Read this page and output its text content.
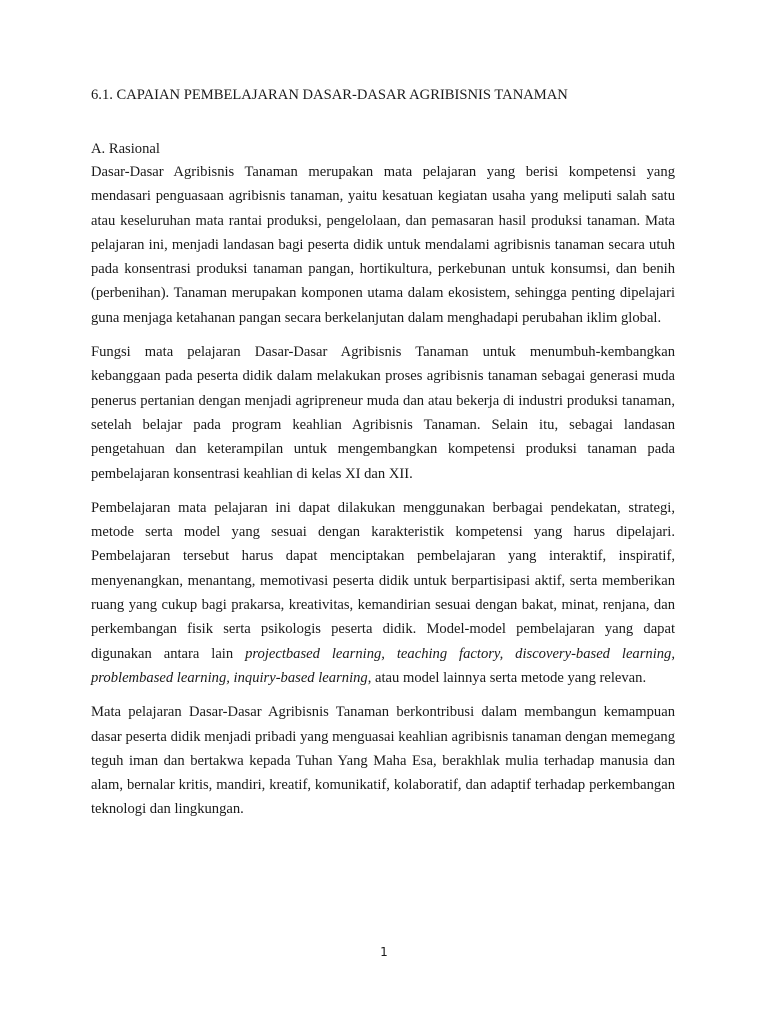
6.1. CAPAIAN PEMBELAJARAN DASAR-DASAR AGRIBISNIS TANAMAN
A. Rasional

Dasar-Dasar Agribisnis Tanaman merupakan mata pelajaran yang berisi kompetensi yang mendasari penguasaan agribisnis tanaman, yaitu kesatuan kegiatan usaha yang meliputi salah satu atau keseluruhan mata rantai produksi, pengelolaan, dan pemasaran hasil produksi tanaman. Mata pelajaran ini, menjadi landasan bagi peserta didik untuk mendalami agribisnis tanaman secara utuh pada konsentrasi produksi tanaman pangan, hortikultura, perkebunan untuk konsumsi, dan benih (perbenihan). Tanaman merupakan komponen utama dalam ekosistem, sehingga penting dipelajari guna menjaga ketahanan pangan secara berkelanjutan dalam menghadapi perubahan iklim global.

Fungsi mata pelajaran Dasar-Dasar Agribisnis Tanaman untuk menumbuh-kembangkan kebanggaan pada peserta didik dalam melakukan proses agribisnis tanaman sebagai generasi muda penerus pertanian dengan menjadi agripreneur muda dan atau bekerja di industri produksi tanaman, setelah belajar pada program keahlian Agribisnis Tanaman. Selain itu, sebagai landasan pengetahuan dan keterampilan untuk mengembangkan kompetensi produksi tanaman pada pembelajaran konsentrasi keahlian di kelas XI dan XII.

Pembelajaran mata pelajaran ini dapat dilakukan menggunakan berbagai pendekatan, strategi, metode serta model yang sesuai dengan karakteristik kompetensi yang harus dipelajari. Pembelajaran tersebut harus dapat menciptakan pembelajaran yang interaktif, inspiratif, menyenangkan, menantang, memotivasi peserta didik untuk berpartisipasi aktif, serta memberikan ruang yang cukup bagi prakarsa, kreativitas, kemandirian sesuai dengan bakat, minat, renjana, dan perkembangan fisik serta psikologis peserta didik. Model-model pembelajaran yang dapat digunakan antara lain projectbased learning, teaching factory, discovery-based learning, problembased learning, inquiry-based learning, atau model lainnya serta metode yang relevan.

Mata pelajaran Dasar-Dasar Agribisnis Tanaman berkontribusi dalam membangun kemampuan dasar peserta didik menjadi pribadi yang menguasai keahlian agribisnis tanaman dengan memegang teguh iman dan bertakwa kepada Tuhan Yang Maha Esa, berakhlak mulia terhadap manusia dan alam, bernalar kritis, mandiri, kreatif, komunikatif, kolaboratif, dan adaptif terhadap perkembangan teknologi dan lingkungan.

1
